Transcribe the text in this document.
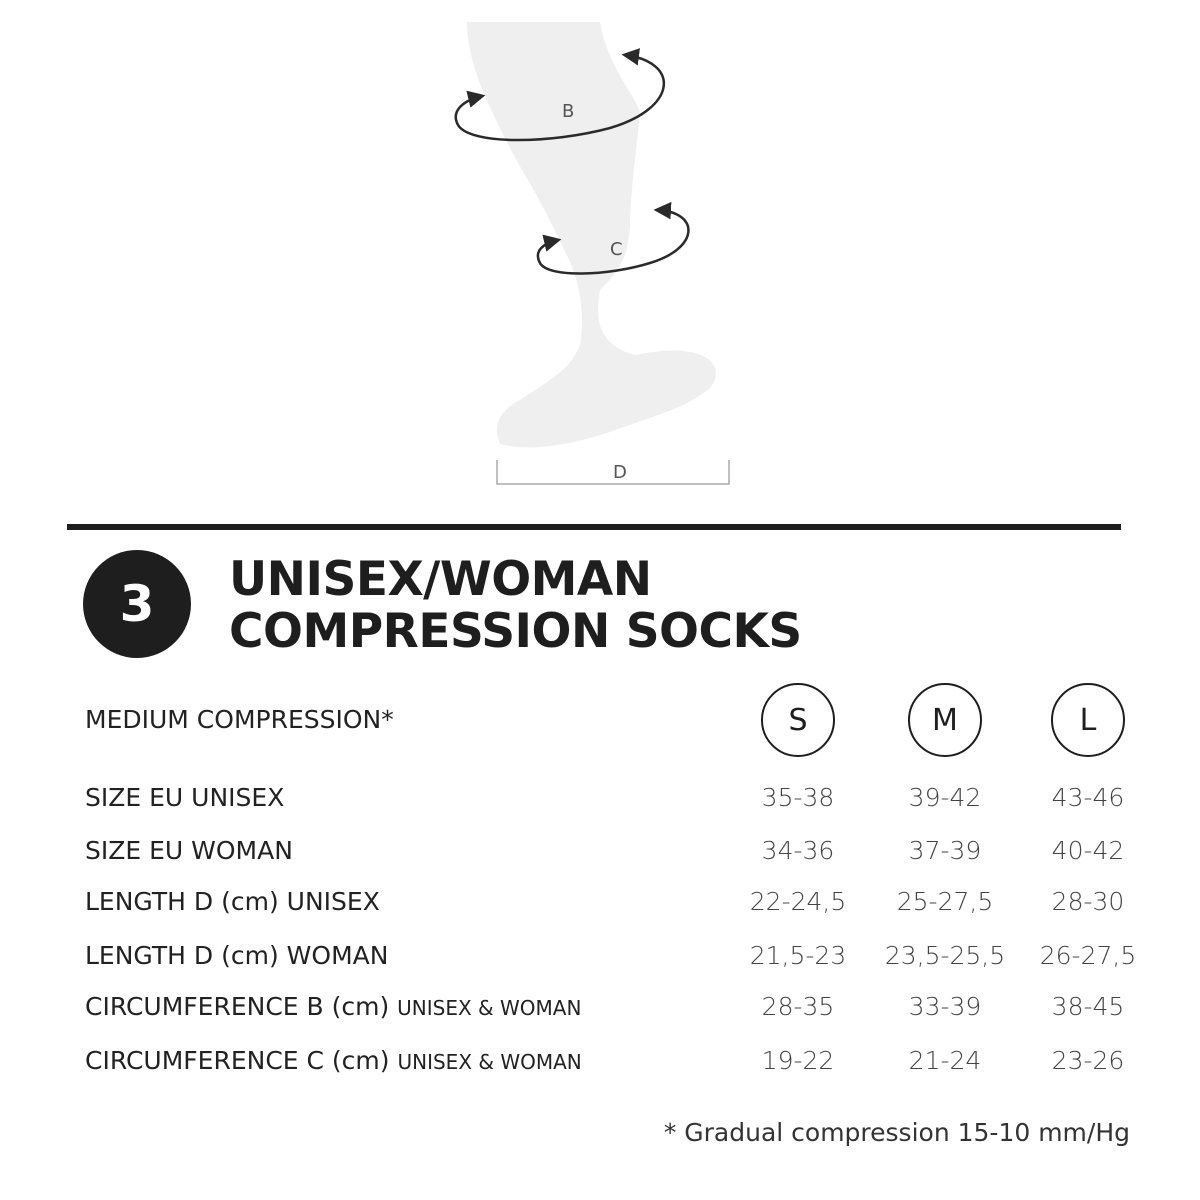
B
C
D
3	UNISEX/WOMAN
COMPRESSION SOCKS
MEDIUM COMPRESSION*	S	M	L
SIZE EU UNISEX	35-38	39-42	43-46
SIZE EU WOMAN	34-36	37-39	40-42
LENGTH D (cm) UNISEX	22-24,5	25-27,5	28-30
LENGTH D (cm) WOMAN	21,5-23	23,5-25,5	26-27,5
CIRCUMFERENCE B (cm) UNISEX & WOMAN	28-35	33-39	38-45
CIRCUMFERENCE C (cm) UNISEX & WOMAN	19-22	21-24	23-26
* Gradual compression 15-10 mm/Hg
